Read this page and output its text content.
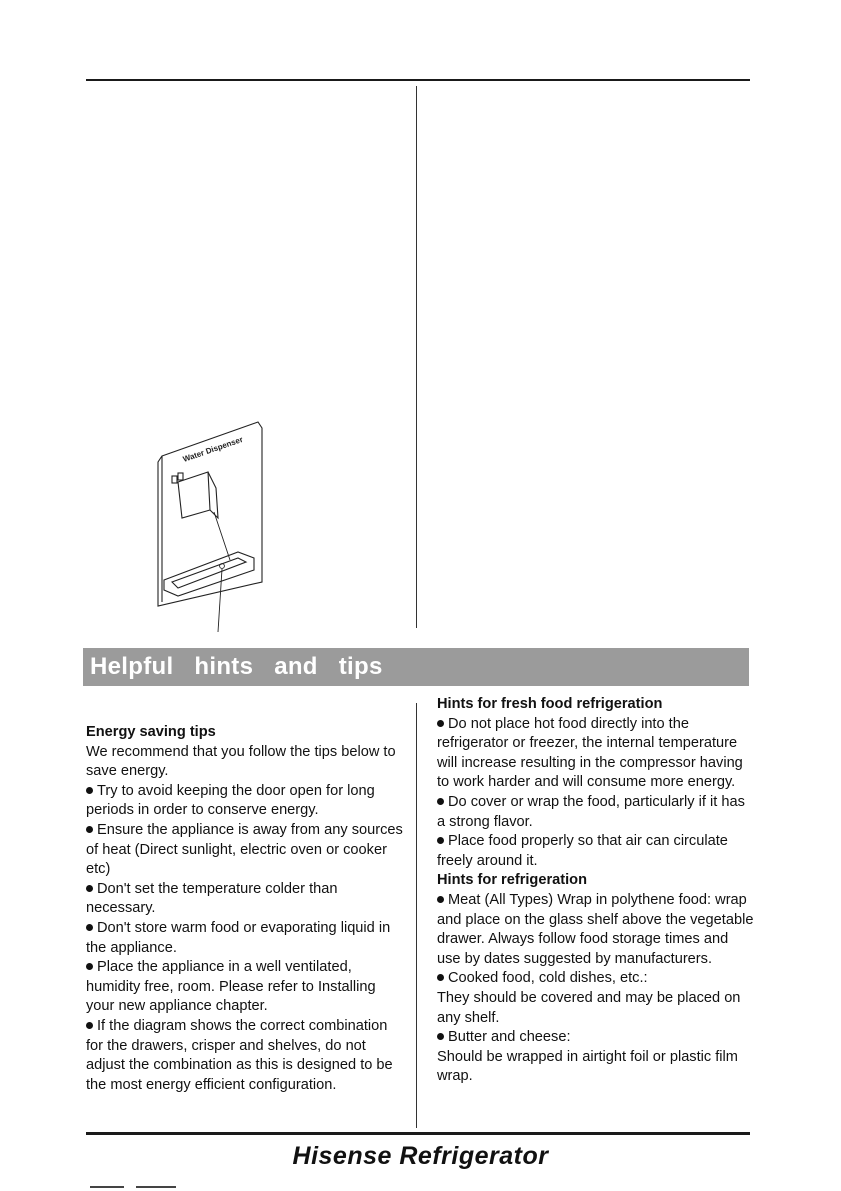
Water Dispenser
Helpful hints and tips

Energy saving tips

We recommend that you follow the tips below to save energy.

Try to avoid keeping the door open for long periods in order to conserve energy.

Ensure the appliance is away from any sources of heat (Direct sunlight, electric oven or cooker etc)

Don't set the temperature colder than necessary.

Don't store warm food or evaporating liquid in the appliance.

Place the appliance in a well ventilated, humidity free, room. Please refer to Installing your new appliance chapter.

If the diagram shows the correct combination for the drawers, crisper and shelves, do not adjust the combination as this is designed to be the most energy efficient configuration.

Hints for fresh food refrigeration

Do not place hot food directly into the refrigerator or freezer, the internal temperature will increase resulting in the compressor having to work harder and will consume more energy.

Do cover or wrap the food, particularly if it has a strong flavor.

Place food properly so that air can circulate freely around it.

Hints for refrigeration

Meat (All Types) Wrap in polythene food: wrap and place on the glass shelf above the vegetable drawer. Always follow food storage times and use by dates suggested by manufacturers.

Cooked food, cold dishes, etc.:
They should be covered and may be placed on any shelf.

Butter and cheese:
Should be wrapped in airtight foil or plastic film wrap.

Hisense Refrigerator
